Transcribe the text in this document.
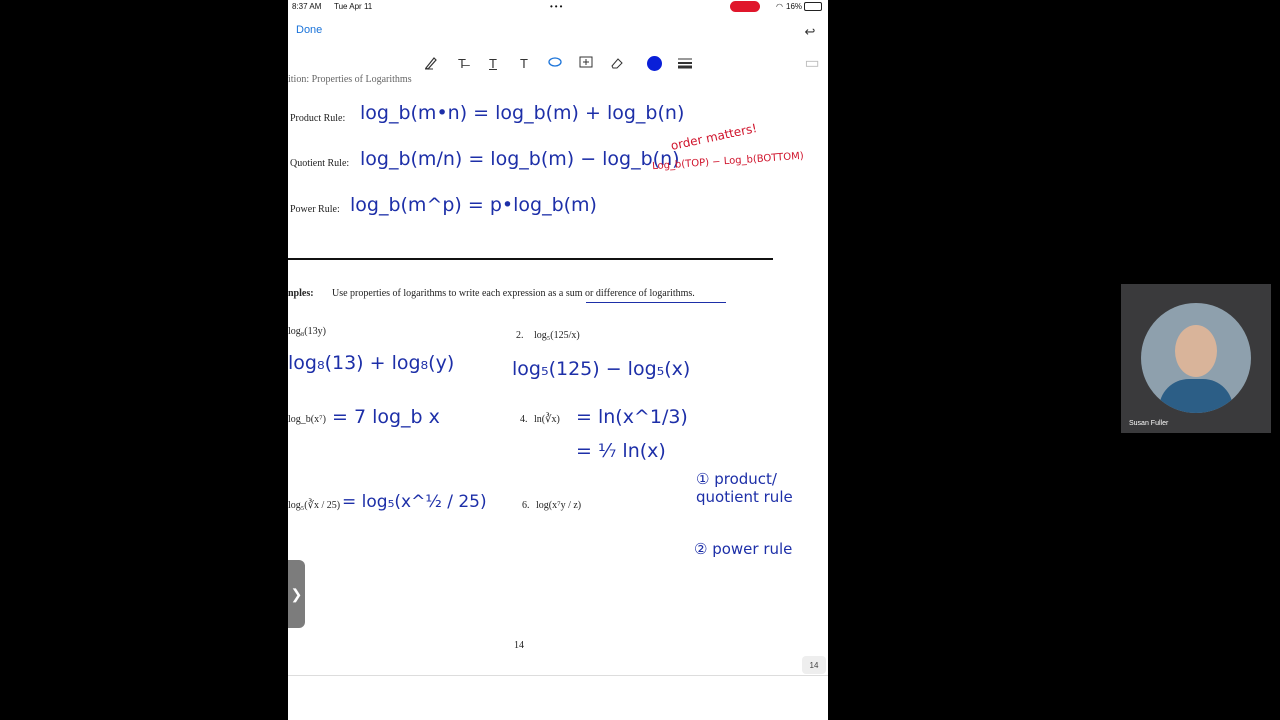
8:37 AM Tue Apr 11	•••	◠ 16%
Done	↩
T̶	T	T	▭
ition: Properties of Logarithms
Product Rule: log_b(m•n) = log_b(m) + log_b(n)
Quotient Rule: log_b(m/n) = log_b(m) − log_b(n)
order matters!
Log_b(TOP) − Log_b(BOTTOM)
Power Rule: log_b(m^p) = p•log_b(m)
nples: Use properties of logarithms to write each expression as a sum or difference of logarithms.
log₈(13y)
log₈(13) + log₈(y)
2. log₅(125/x)
log₅(125) − log₅(x)
log_b(x⁷) = 7 log_b x	4. ln(∛x) = ln(x^1/3)
= ⅐ ln(x)
log₅(∛x / 25) = log₅(x^½ / 25)	6. log(x⁷y / z)
① product/ quotient rule
② power rule
14
14
❯
Susan Fuller
